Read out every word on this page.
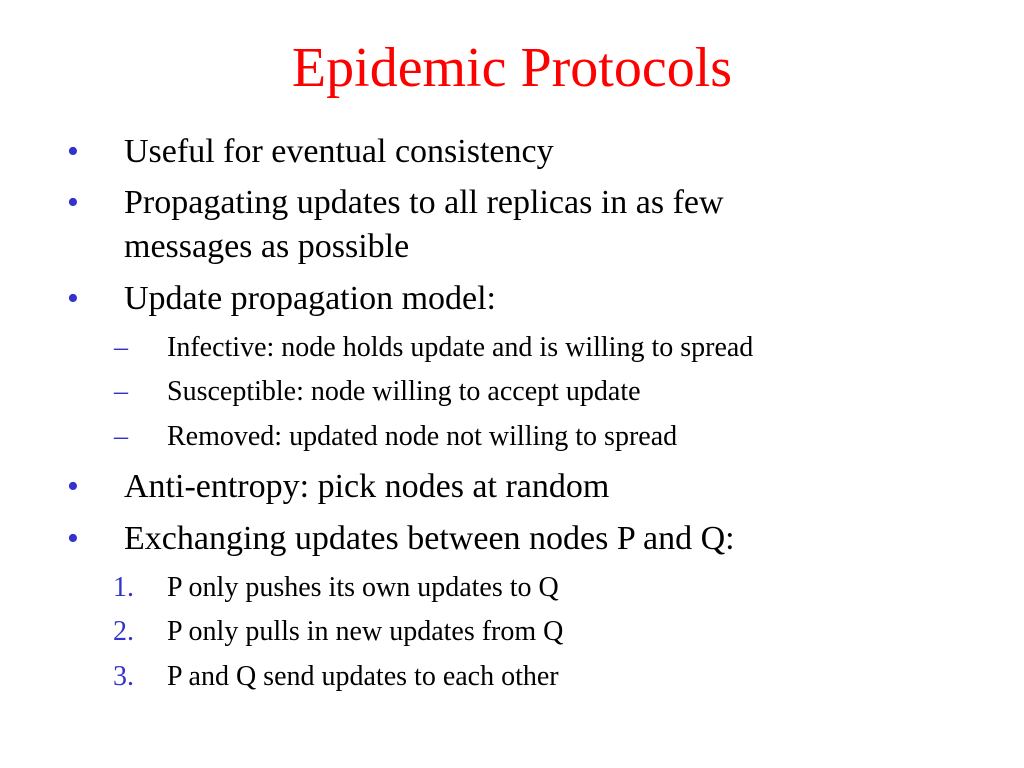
Epidemic Protocols
• Useful for eventual consistency
• Propagating updates to all replicas in as few
messages as possible
• Update propagation model:
– Infective: node holds update and is willing to spread
– Susceptible: node willing to accept update
– Removed: updated node not willing to spread
• Anti-entropy: pick nodes at random
• Exchanging updates between nodes P and Q:
1. P only pushes its own updates to Q
2. P only pulls in new updates from Q
3. P and Q send updates to each other
